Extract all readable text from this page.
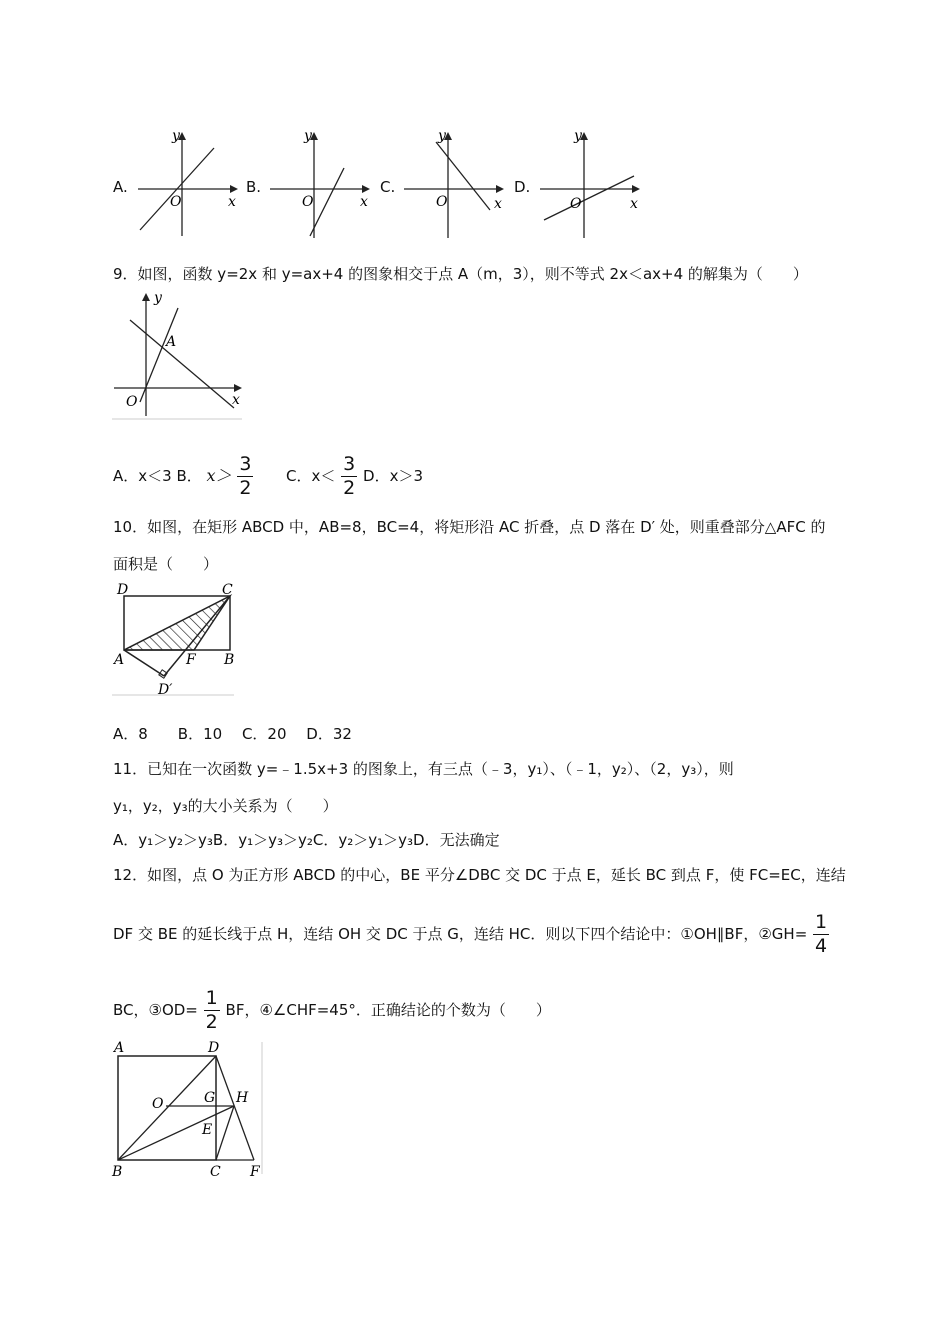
A.
y
x
O
B.
y
x
O
C.
y
x
O
D.
y
x
O
9．如图，函数 y=2x 和 y=ax+4 的图象相交于点 A（m，3），则不等式 2x＜ax+4 的解集为（　　）
y
x
O
A
A．x＜3 B． $x> \frac{3}{2}$ C．$x< \frac{3}{2}$ D．x＞3
10．如图，在矩形 ABCD 中，AB=8，BC=4，将矩形沿 AC 折叠，点 D 落在 D′ 处，则重叠部分△AFC 的
面积是（　　）
D	C
A	F B
D′
A．8　　B．10　 C．20　 D．32
11．已知在一次函数 y=﹣1.5x+3 的图象上，有三点（﹣3，y₁）、（﹣1，y₂）、（2，y₃），则
y₁，y₂，y₃的大小关系为（　　）
A．y₁＞y₂＞y₃B．y₁＞y₃＞y₂C．y₂＞y₁＞y₃D．无法确定
12．如图，点 O 为正方形 ABCD 的中心，BE 平分∠DBC 交 DC 于点 E，延长 BC 到点 F，使 FC=EC，连结
DF 交 BE 的延长线于点 H，连结 OH 交 DC 于点 G，连结 HC．则以下四个结论中：①OH∥BF，②GH= $\frac{1}{4}$
BC，③OD= $\frac{1}{2}$ BF，④∠CHF=45°．正确结论的个数为（　　）
A	D
O	G H
E
B	C F
